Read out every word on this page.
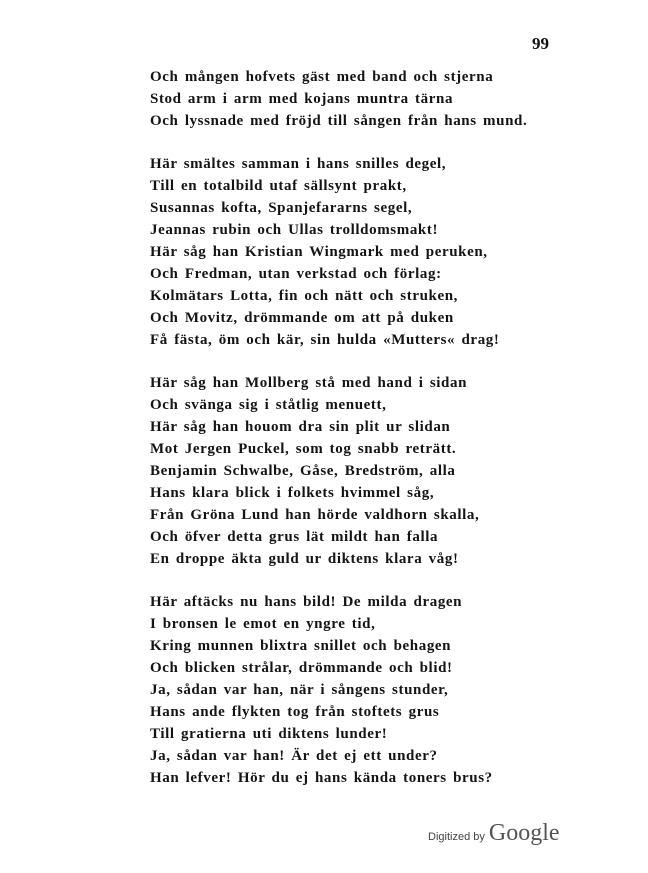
99
Och mången hofvets gäst med band och stjerna
Stod arm i arm med kojans muntra tärna
Och lyssnade med fröjd till sången från hans mund.
Här smältes samman i hans snilles degel,
Till en totalbild utaf sällsynt prakt,
Susannas kofta, Spanjefararns segel,
Jeannas rubin och Ullas trolldomsmakt!
Här såg han Kristian Wingmark med peruken,
Och Fredman, utan verkstad och förlag:
Kolmätars Lotta, fin och nätt och struken,
Och Movitz, drömmande om att på duken
Få fästa, öm och kär, sin hulda «Mutters« drag!
Här såg han Mollberg stå med hand i sidan
Och svänga sig i ståtlig menuett,
Här såg han houom dra sin plit ur slidan
Mot Jergen Puckel, som tog snabb reträtt.
Benjamin Schwalbe, Gåse, Bredström, alla
Hans klara blick i folkets hvimmel såg,
Från Gröna Lund han hörde valdhorn skalla,
Och öfver detta grus lät mildt han falla
En droppe äkta guld ur diktens klara våg!
Här aftäcks nu hans bild! De milda dragen
I bronsen le emot en yngre tid,
Kring munnen blixtra snillet och behagen
Och blicken strålar, drömmande och blid!
Ja, sådan var han, när i sångens stunder,
Hans ande flykten tog från stoftets grus
Till gratierna uti diktens lunder!
Ja, sådan var han! Är det ej ett under?
Han lefver! Hör du ej hans kända toners brus?
Digitized by Google
